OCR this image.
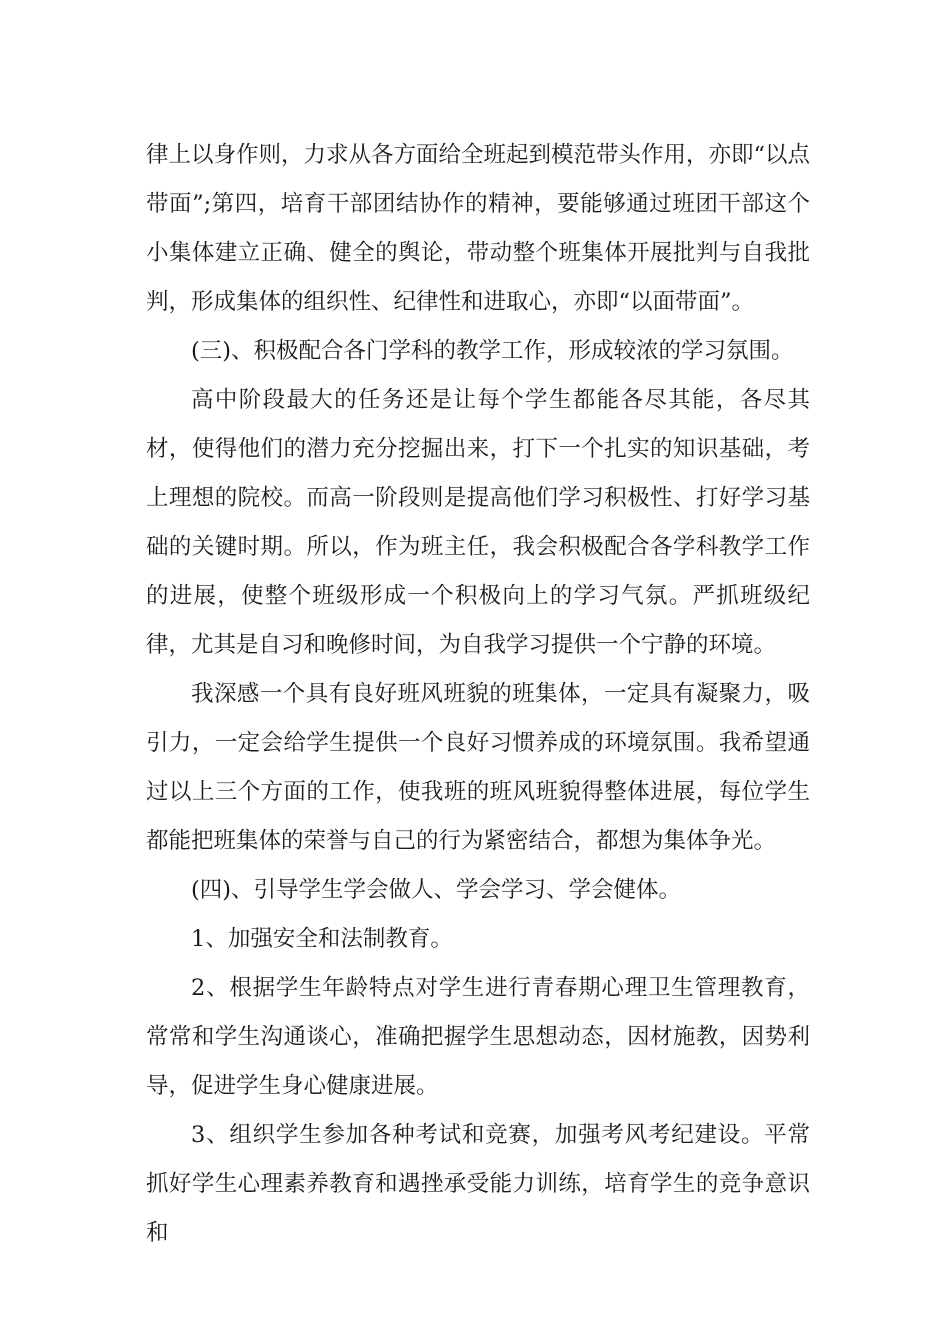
律上以身作则，力求从各方面给全班起到模范带头作用，亦即“以点带面”;第四，培育干部团结协作的精神，要能够通过班团干部这个小集体建立正确、健全的舆论，带动整个班集体开展批判与自我批判，形成集体的组织性、纪律性和进取心，亦即“以面带面”。

(三)、积极配合各门学科的教学工作，形成较浓的学习氛围。

高中阶段最大的任务还是让每个学生都能各尽其能，各尽其材，使得他们的潜力充分挖掘出来，打下一个扎实的知识基础，考上理想的院校。而高一阶段则是提高他们学习积极性、打好学习基础的关键时期。所以，作为班主任，我会积极配合各学科教学工作的进展，使整个班级形成一个积极向上的学习气氛。严抓班级纪律，尤其是自习和晚修时间，为自我学习提供一个宁静的环境。

我深感一个具有良好班风班貌的班集体，一定具有凝聚力，吸引力，一定会给学生提供一个良好习惯养成的环境氛围。我希望通过以上三个方面的工作，使我班的班风班貌得整体进展，每位学生都能把班集体的荣誉与自己的行为紧密结合，都想为集体争光。

(四)、引导学生学会做人、学会学习、学会健体。

1、加强安全和法制教育。

2、根据学生年龄特点对学生进行青春期心理卫生管理教育，常常和学生沟通谈心，准确把握学生思想动态，因材施教，因势利导，促进学生身心健康进展。

3、组织学生参加各种考试和竞赛，加强考风考纪建设。平常抓好学生心理素养教育和遇挫承受能力训练，培育学生的竞争意识和
